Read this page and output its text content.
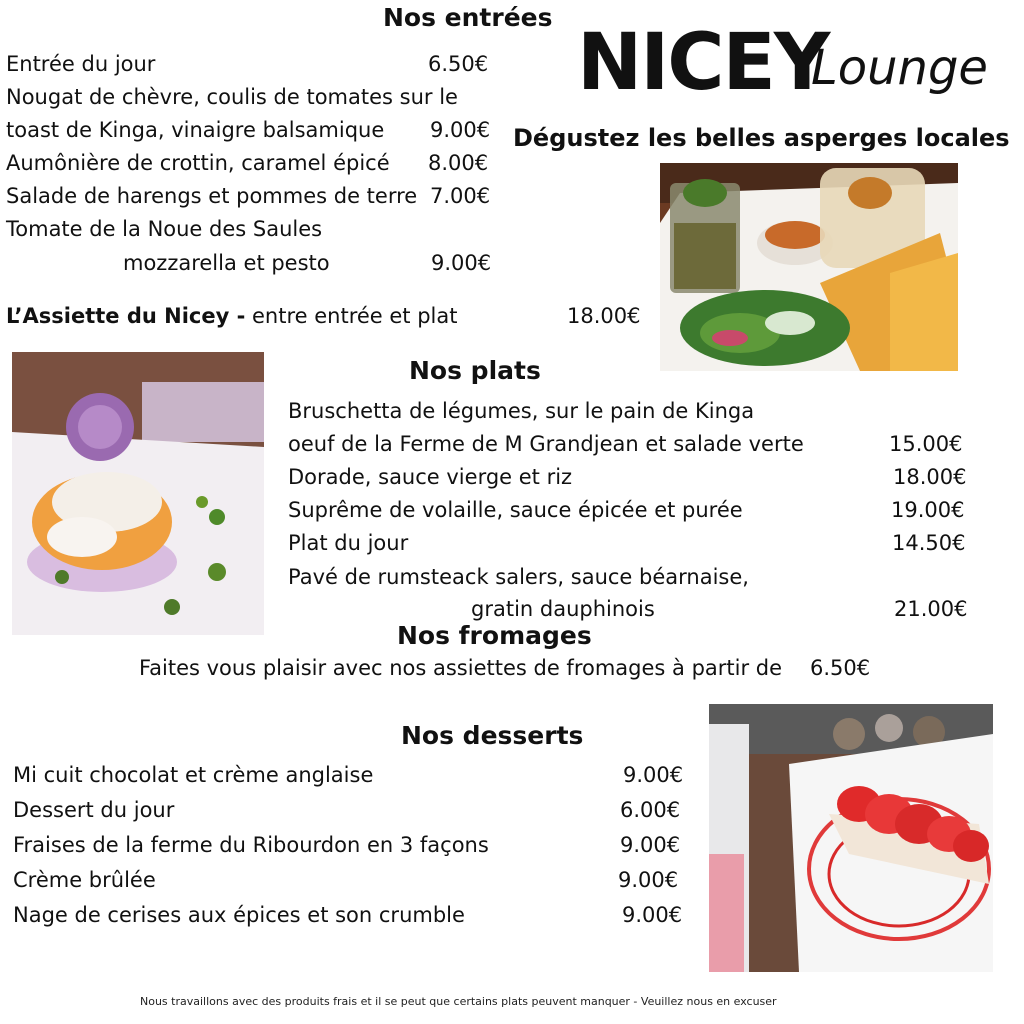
Nos entrées
Entrée du jour	6.50€
Nougat de chèvre, coulis de tomates sur le
toast de Kinga, vinaigre balsamique 9.00€
Aumônière de crottin, caramel épicé 8.00€
Salade de harengs et pommes de terre 7.00€
Tomate de la Noue des Saules
mozzarella et pesto	9.00€
L’Assiette du Nicey - entre entrée et plat	18.00€
NICEY
Lounge
Dégustez les belles asperges locales
Nos plats
Bruschetta de légumes, sur le pain de Kinga
oeuf de la Ferme de M Grandjean et salade verte	15.00€
Dorade, sauce vierge et riz	18.00€
Suprême de volaille, sauce épicée et purée	19.00€
Plat du jour	14.50€
Pavé de rumsteack salers, sauce béarnaise,
gratin dauphinois	21.00€
Nos fromages
Faites vous plaisir avec nos assiettes de fromages à partir de 6.50€
Nos desserts
Mi cuit chocolat et crème anglaise	9.00€
Dessert du jour	6.00€
Fraises de la ferme du Ribourdon en 3 façons	9.00€
Crème brûlée	9.00€
Nage de cerises aux épices et son crumble	9.00€
Nous travaillons avec des produits frais et il se peut que certains plats peuvent manquer - Veuillez nous en excuser
